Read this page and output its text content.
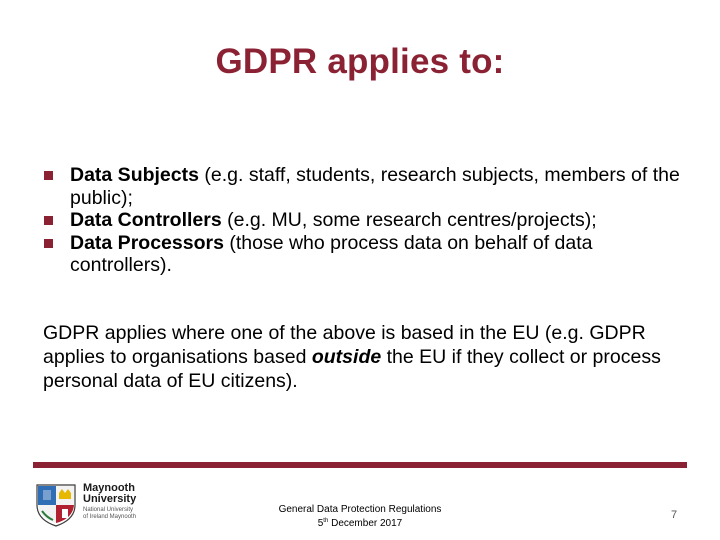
GDPR applies to:
Data Subjects (e.g. staff, students, research subjects, members of the public);
Data Controllers (e.g. MU, some research centres/projects);
Data Processors (those who process data on behalf of data controllers).

GDPR applies where one of the above is based in the EU (e.g. GDPR applies to organisations based outside the EU if they collect or process personal data of EU citizens).

Maynooth
University
National University
of Ireland Maynooth
General Data Protection Regulations
5th December 2017
7
